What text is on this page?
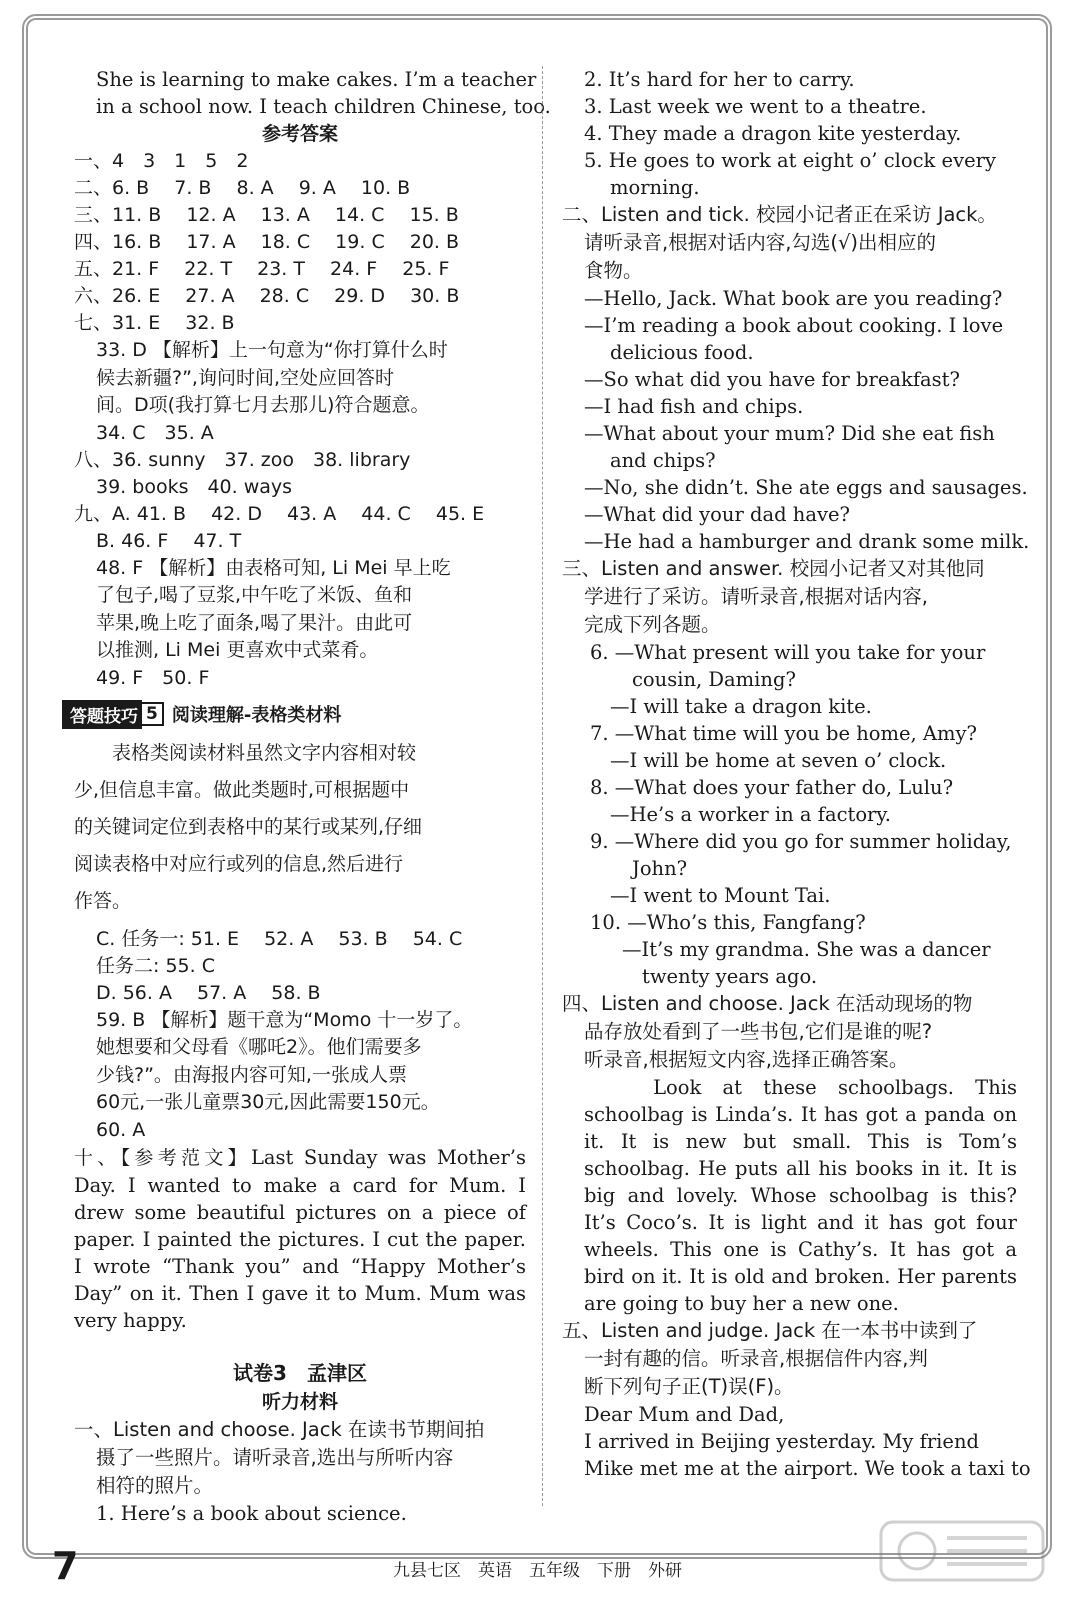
She is learning to make cakes. I’m a teacher
in a school now. I teach children Chinese, too.
参考答案
一、4　3　1　5　2
二、6. B　 7. B　 8. A　 9. A　 10. B
三、11. B　 12. A　 13. A　 14. C　 15. B
四、16. B　 17. A　 18. C　 19. C　 20. B
五、21. F　 22. T　 23. T　 24. F　 25. F
六、26. E　 27. A　 28. C　 29. D　 30. B
七、31. E　 32. B
33. D 【解析】上一句意为“你打算什么时
候去新疆?”,询问时间,空处应回答时
间。D项(我打算七月去那儿)符合题意。
34. C　35. A
八、36. sunny　37. zoo　38. library
39. books　40. ways
九、A. 41. B　 42. D　 43. A　 44. C　 45. E
B. 46. F　 47. T
48. F 【解析】由表格可知, Li Mei 早上吃
了包子,喝了豆浆,中午吃了米饭、鱼和
苹果,晚上吃了面条,喝了果汁。由此可
以推测, Li Mei 更喜欢中式菜肴。
49. F　50. F
答题技巧 5 阅读理解-表格类材料
　　表格类阅读材料虽然文字内容相对较
少,但信息丰富。做此类题时,可根据题中
的关键词定位到表格中的某行或某列,仔细
阅读表格中对应行或列的信息,然后进行
作答。
C. 任务一: 51. E　 52. A　 53. B　 54. C
任务二: 55. C
D. 56. A　 57. A　 58. B
59. B 【解析】题干意为“Momo 十一岁了。
她想要和父母看《哪吒2》。他们需要多
少钱?”。由海报内容可知,一张成人票
60元,一张儿童票30元,因此需要150元。
60. A
十、【参考范文】Last Sunday was Mother’s Day. I wanted to make a card for Mum. I drew some beautiful pictures on a piece of paper. I painted the pictures. I cut the paper. I wrote “Thank you” and “Happy Mother’s Day” on it. Then I gave it to Mum. Mum was very happy.
试卷3　孟津区
听力材料
一、Listen and choose. Jack 在读书节期间拍
摄了一些照片。请听录音,选出与所听内容
相符的照片。
1. Here’s a book about science.
2. It’s hard for her to carry.
3. Last week we went to a theatre.
4. They made a dragon kite yesterday.
5. He goes to work at eight o’ clock every
morning.
二、Listen and tick. 校园小记者正在采访 Jack。
请听录音,根据对话内容,勾选(√)出相应的
食物。
—Hello, Jack. What book are you reading?
—I’m reading a book about cooking. I love
delicious food.
—So what did you have for breakfast?
—I had fish and chips.
—What about your mum? Did she eat fish
and chips?
—No, she didn’t. She ate eggs and sausages.
—What did your dad have?
—He had a hamburger and drank some milk.
三、Listen and answer. 校园小记者又对其他同
学进行了采访。请听录音,根据对话内容,
完成下列各题。
6. —What present will you take for your
cousin, Daming?
—I will take a dragon kite.
7. —What time will you be home, Amy?
—I will be home at seven o’ clock.
8. —What does your father do, Lulu?
—He’s a worker in a factory.
9. —Where did you go for summer holiday,
John?
—I went to Mount Tai.
10. —Who’s this, Fangfang?
—It’s my grandma. She was a dancer
twenty years ago.
四、Listen and choose. Jack 在活动现场的物
品存放处看到了一些书包,它们是谁的呢?
听录音,根据短文内容,选择正确答案。
　　Look at these schoolbags. This schoolbag is Linda’s. It has got a panda on it. It is new but small. This is Tom’s schoolbag. He puts all his books in it. It is big and lovely. Whose schoolbag is this? It’s Coco’s. It is light and it has got four wheels. This one is Cathy’s. It has got a bird on it. It is old and broken. Her parents are going to buy her a new one.
五、Listen and judge. Jack 在一本书中读到了
一封有趣的信。听录音,根据信件内容,判
断下列句子正(T)误(F)。
Dear Mum and Dad,
I arrived in Beijing yesterday. My friend
Mike met me at the airport. We took a taxi to
7	九县七区　英语　五年级　下册　外研
